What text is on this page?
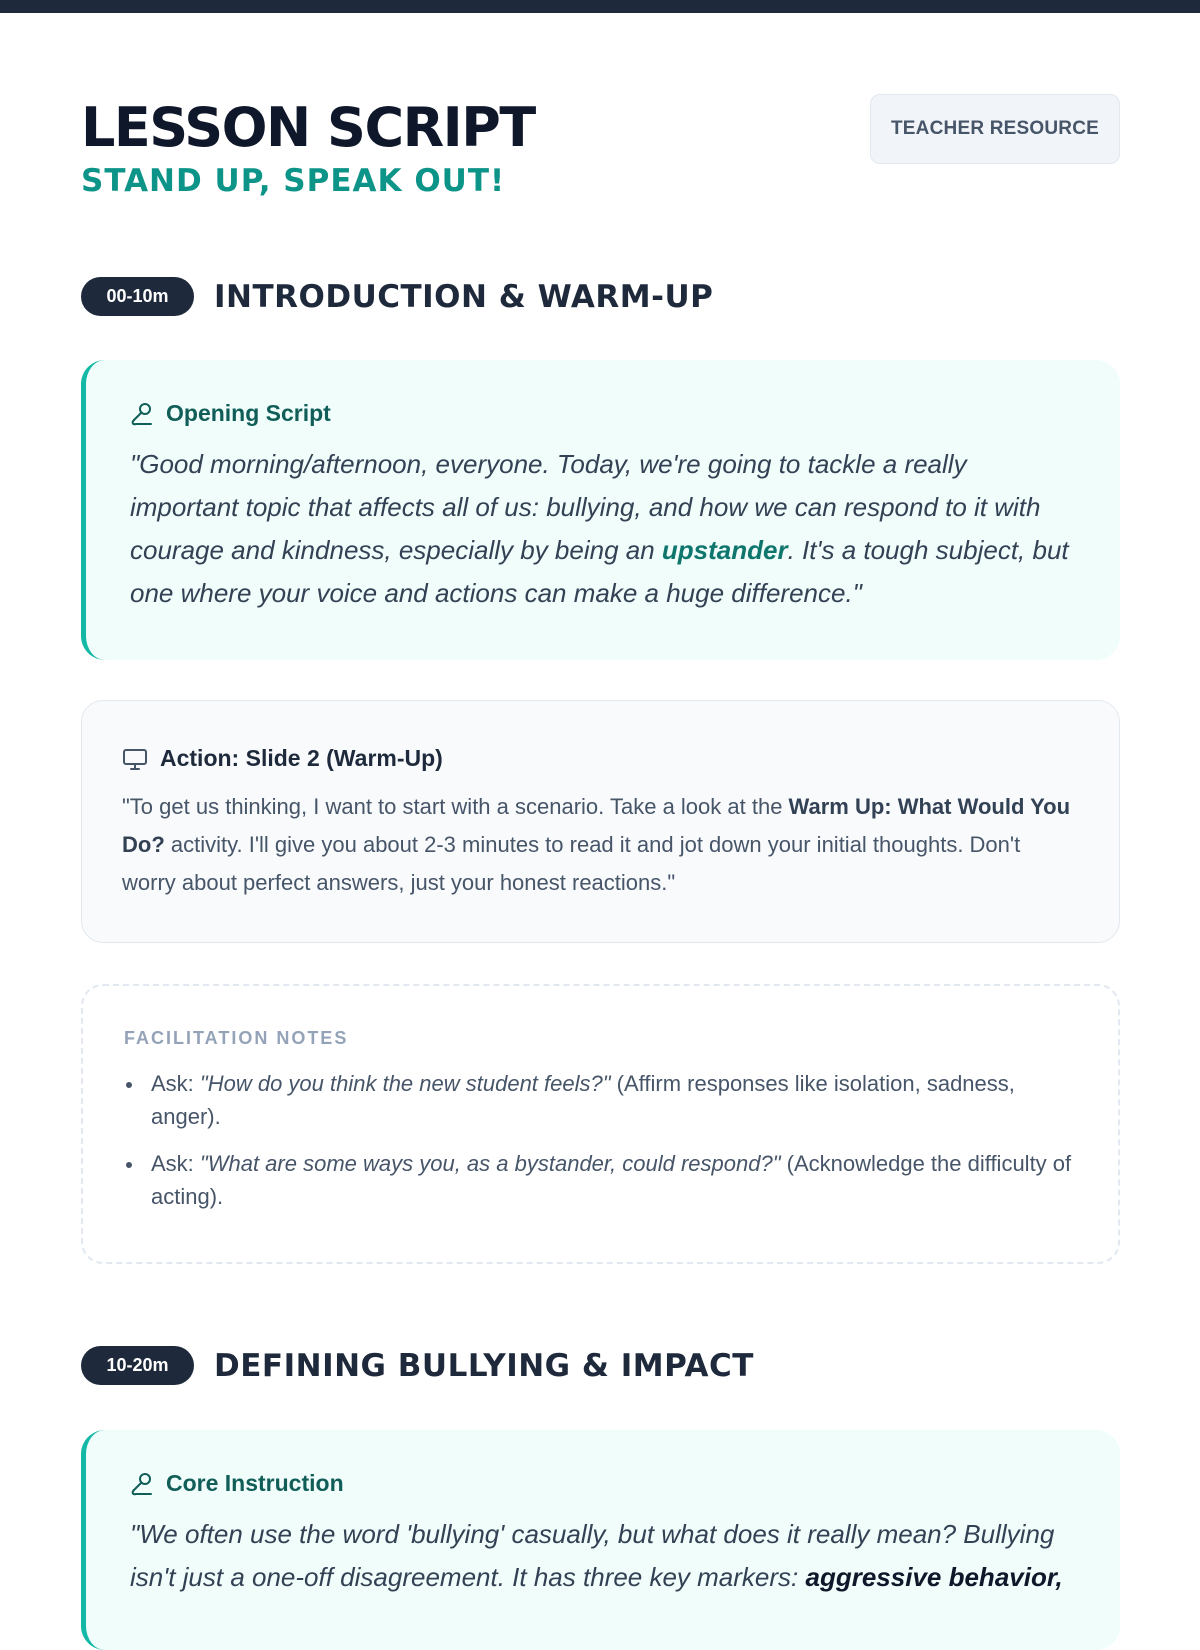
LESSON SCRIPT
STAND UP, SPEAK OUT!
TEACHER RESOURCE
00-10m	INTRODUCTION & WARM-UP
Opening Script
"Good morning/afternoon, everyone. Today, we're going to tackle a really important topic that affects all of us: bullying, and how we can respond to it with courage and kindness, especially by being an upstander. It's a tough subject, but one where your voice and actions can make a huge difference."
Action: Slide 2 (Warm-Up)
"To get us thinking, I want to start with a scenario. Take a look at the Warm Up: What Would You Do? activity. I'll give you about 2-3 minutes to read it and jot down your initial thoughts. Don't worry about perfect answers, just your honest reactions."
FACILITATION NOTES
Ask: "How do you think the new student feels?" (Affirm responses like isolation, sadness, anger).
Ask: "What are some ways you, as a bystander, could respond?" (Acknowledge the difficulty of acting).
10-20m	DEFINING BULLYING & IMPACT
Core Instruction
"We often use the word 'bullying' casually, but what does it really mean? Bullying isn't just a one-off disagreement. It has three key markers: aggressive behavior,
